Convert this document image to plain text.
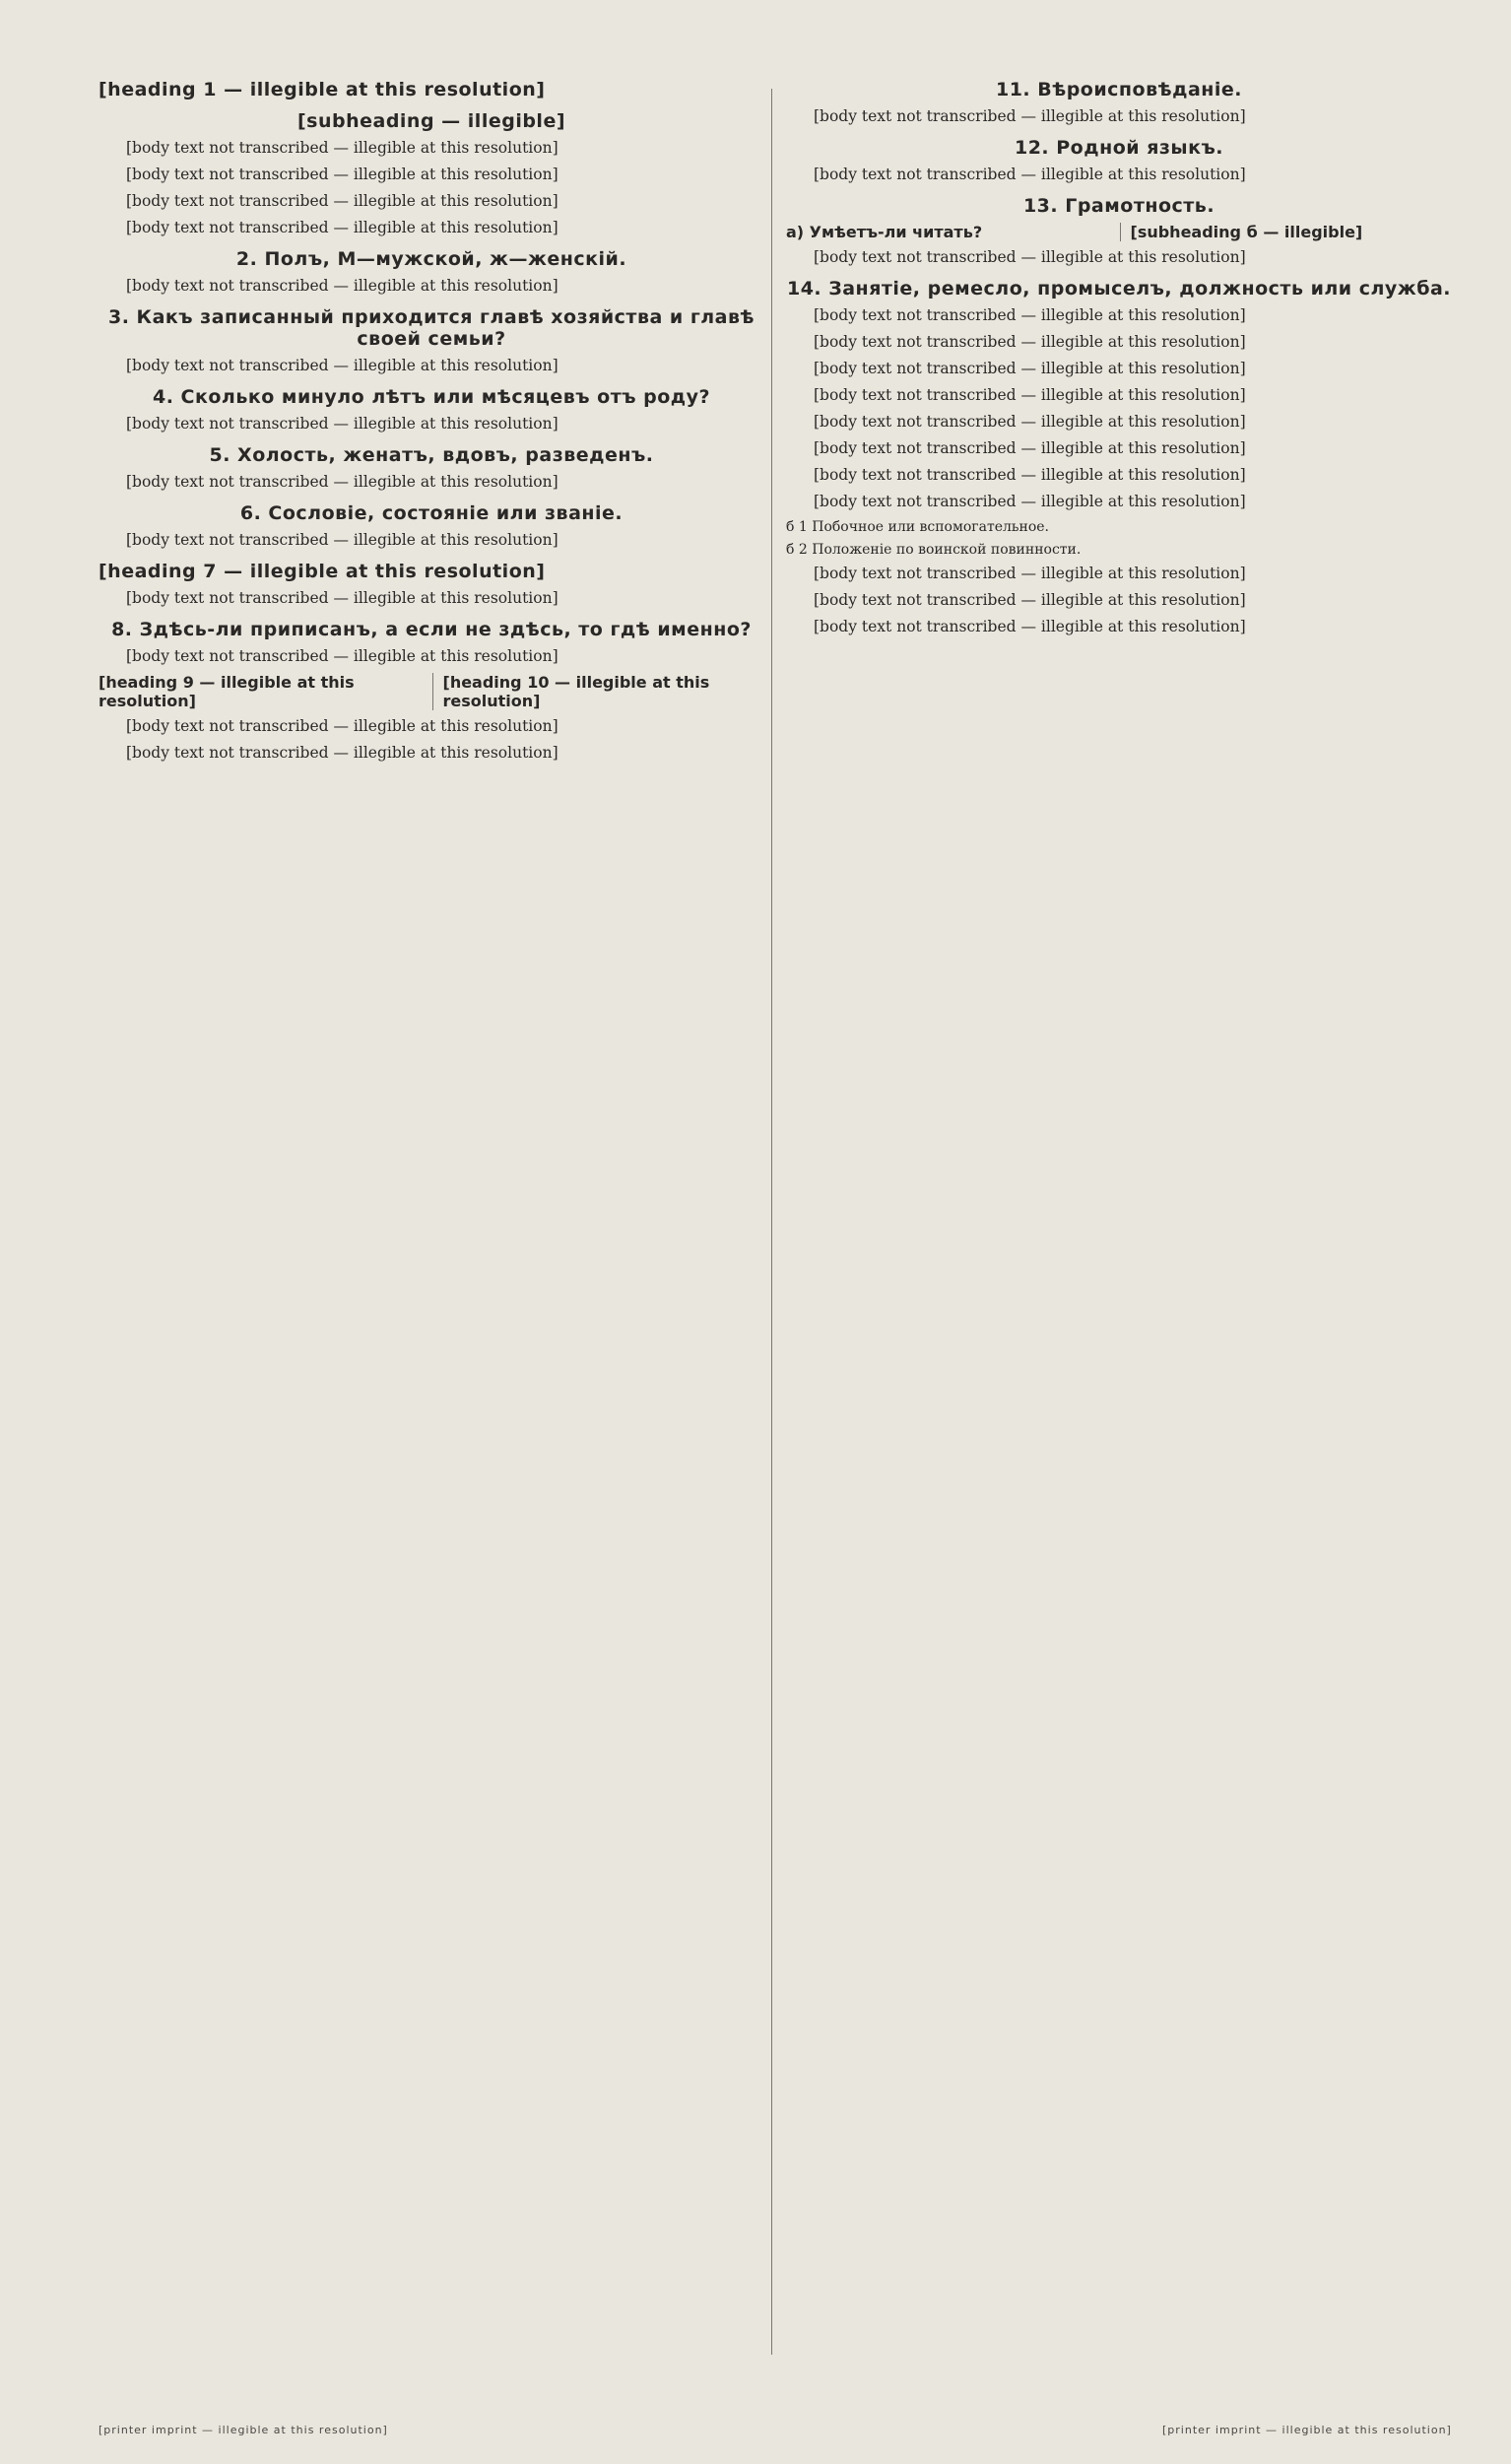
[heading 1 — illegible at this resolution]
[subheading — illegible]

[body text not transcribed — illegible at this resolution]

[body text not transcribed — illegible at this resolution]

[body text not transcribed — illegible at this resolution]

[body text not transcribed — illegible at this resolution]

2. Полъ, М—мужской, ж—женскій.

[body text not transcribed — illegible at this resolution]

3. Какъ записанный приходится главѣ хозяйства и главѣ своей семьи?

[body text not transcribed — illegible at this resolution]

4. Сколько минуло лѣтъ или мѣсяцевъ отъ роду?

[body text not transcribed — illegible at this resolution]

5. Холость, женатъ, вдовъ, разведенъ.

[body text not transcribed — illegible at this resolution]

6. Сословіе, состояніе или званіе.

[body text not transcribed — illegible at this resolution]

[heading 7 — illegible at this resolution]

[body text not transcribed — illegible at this resolution]

8. Здѣсь-ли приписанъ, а если не здѣсь, то гдѣ именно?

[body text not transcribed — illegible at this resolution]

[heading 9 — illegible at this resolution]
[heading 10 — illegible at this resolution]

[body text not transcribed — illegible at this resolution]

[body text not transcribed — illegible at this resolution]

11. Вѣроисповѣданіе.

[body text not transcribed — illegible at this resolution]

12. Родной языкъ.

[body text not transcribed — illegible at this resolution]

13. Грамотность.
а) Умѣетъ-ли читать?	[subheading б — illegible]

[body text not transcribed — illegible at this resolution]

14. Занятіе, ремесло, промыселъ, должность или служба.

[body text not transcribed — illegible at this resolution]

[body text not transcribed — illegible at this resolution]

[body text not transcribed — illegible at this resolution]

[body text not transcribed — illegible at this resolution]

[body text not transcribed — illegible at this resolution]

[body text not transcribed — illegible at this resolution]

[body text not transcribed — illegible at this resolution]

[body text not transcribed — illegible at this resolution]

б 1 Побочное или вспомогательное.
б 2 Положеніе по воинской повинности.

[body text not transcribed — illegible at this resolution]

[body text not transcribed — illegible at this resolution]

[body text not transcribed — illegible at this resolution]

[printer imprint — illegible at this resolution]	[printer imprint — illegible at this resolution]
